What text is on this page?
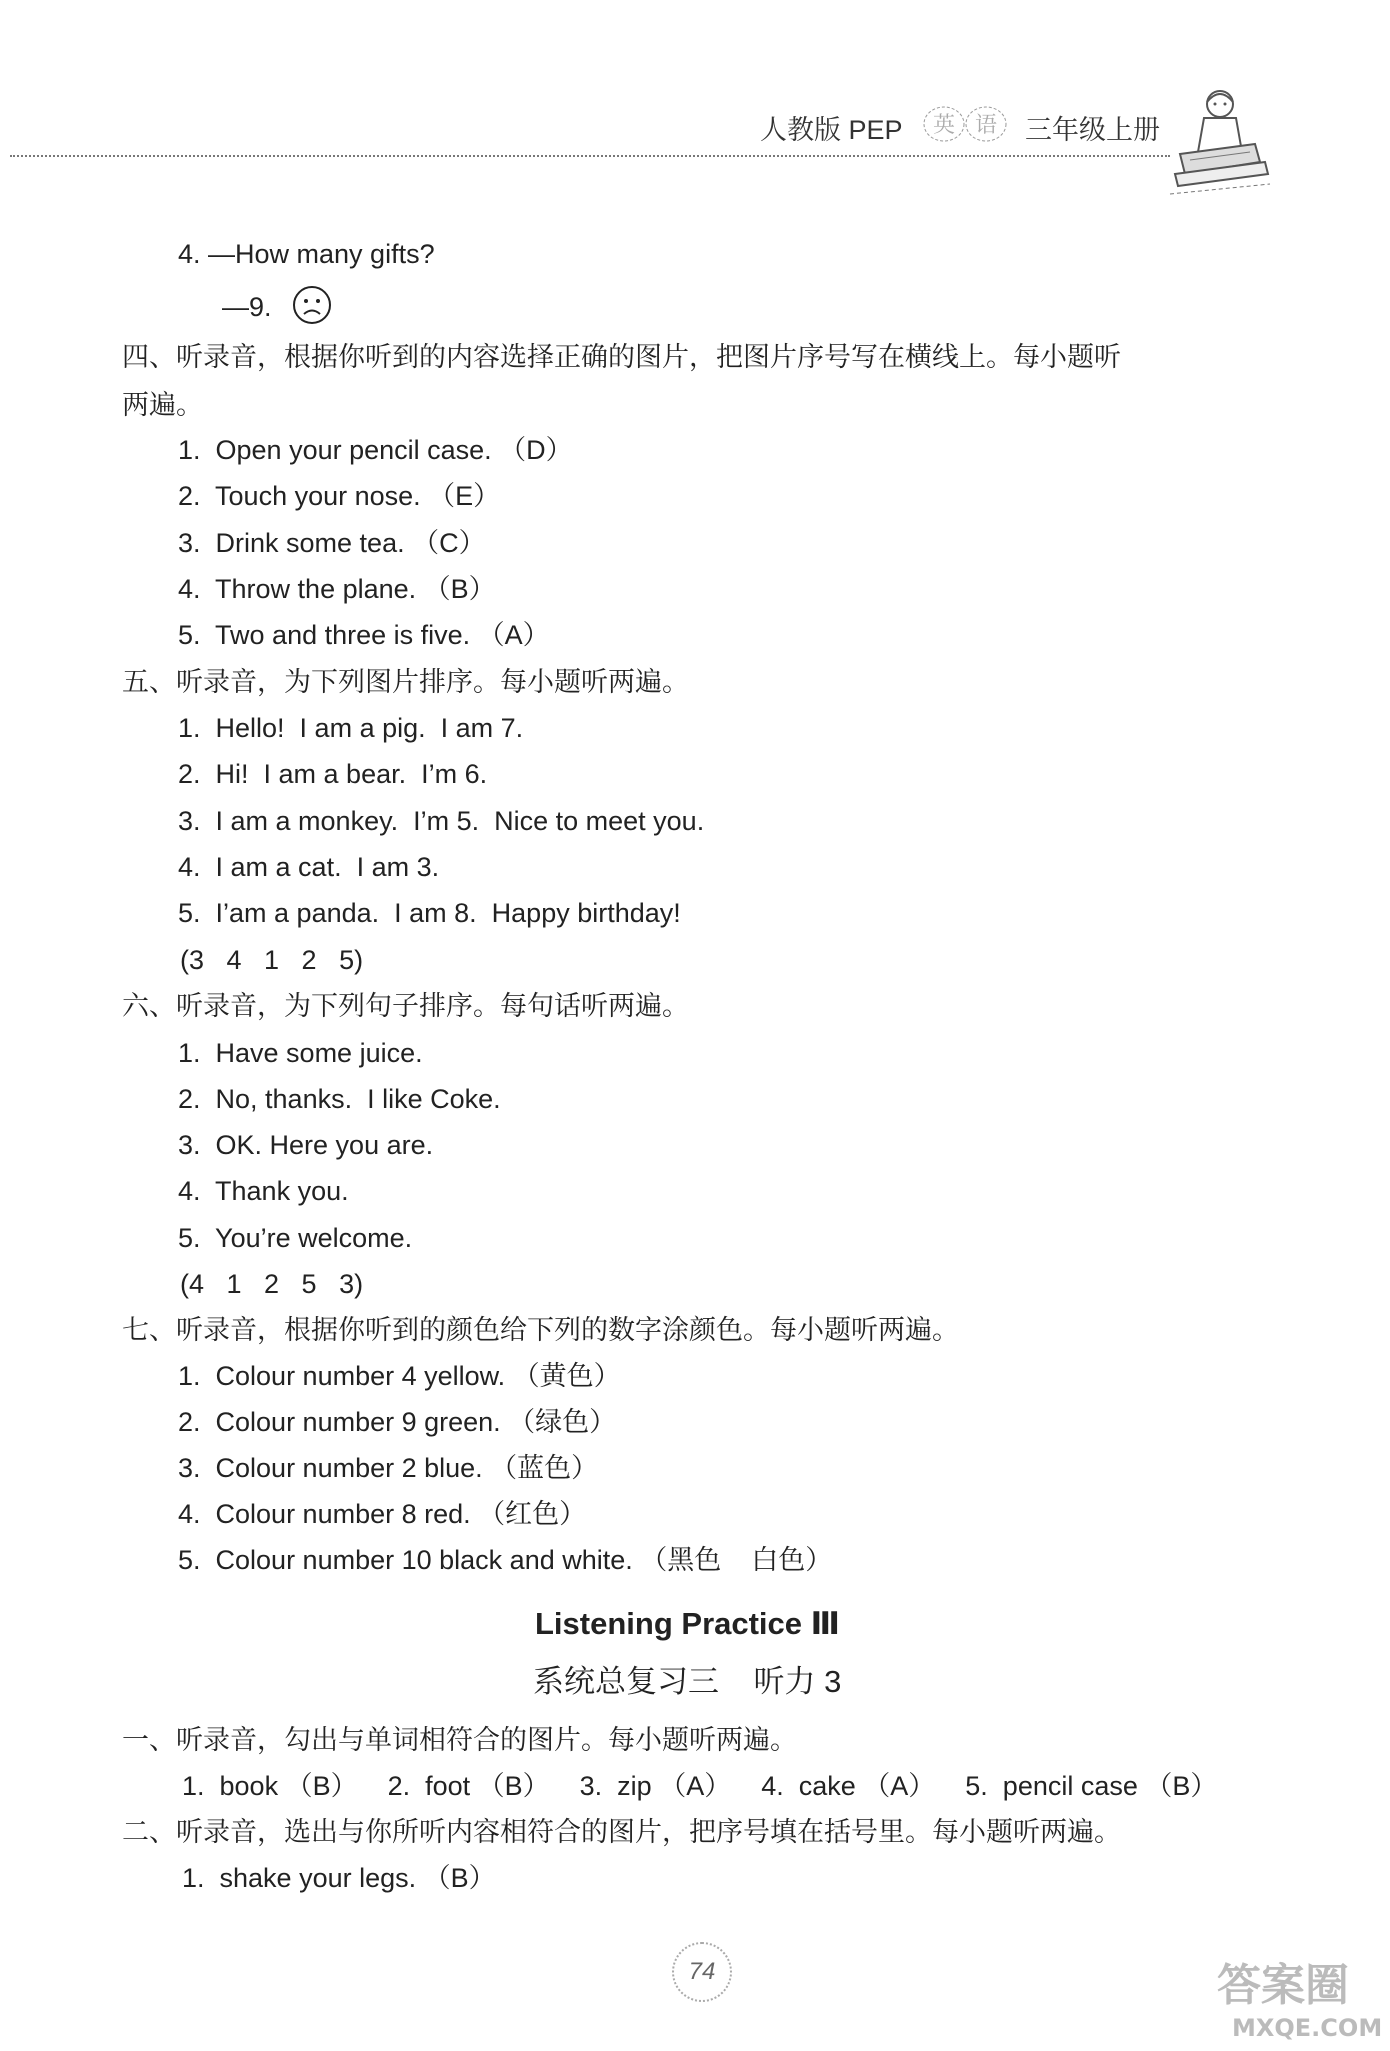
人教版 PEP 英 语 三年级上册
4. —How many gifts?
—9.
四、听录音，根据你听到的内容选择正确的图片，把图片序号写在横线上。每小题听
两遍。
1.  Open your pencil case. （D）
2.  Touch your nose. （E）
3.  Drink some tea. （C）
4.  Throw the plane. （B）
5.  Two and three is five. （A）
五、听录音，为下列图片排序。每小题听两遍。
1.  Hello!  I am a pig.  I am 7.
2.  Hi!  I am a bear.  I’m 6.
3.  I am a monkey.  I’m 5.  Nice to meet you.
4.  I am a cat.  I am 3.
5.  I’am a panda.  I am 8.  Happy birthday!
(3   4   1   2   5)
六、听录音，为下列句子排序。每句话听两遍。
1.  Have some juice.
2.  No, thanks.  I like Coke.
3.  OK. Here you are.
4.  Thank you.
5.  You’re welcome.
(4   1   2   5   3)
七、听录音，根据你听到的颜色给下列的数字涂颜色。每小题听两遍。
1.  Colour number 4 yellow. （黄色）
2.  Colour number 9 green. （绿色）
3.  Colour number 2 blue. （蓝色）
4.  Colour number 8 red. （红色）
5.  Colour number 10 black and white. （黑色    白色）
Listening Practice Ⅲ
系统总复习三    听力 3
一、听录音，勾出与单词相符合的图片。每小题听两遍。
1.  book （B）    2.  foot （B）    3.  zip （A）    4.  cake （A）    5.  pencil case （B）
二、听录音，选出与你所听内容相符合的图片，把序号填在括号里。每小题听两遍。
1.  shake your legs. （B）
74	答案圈
MXQE.COM
